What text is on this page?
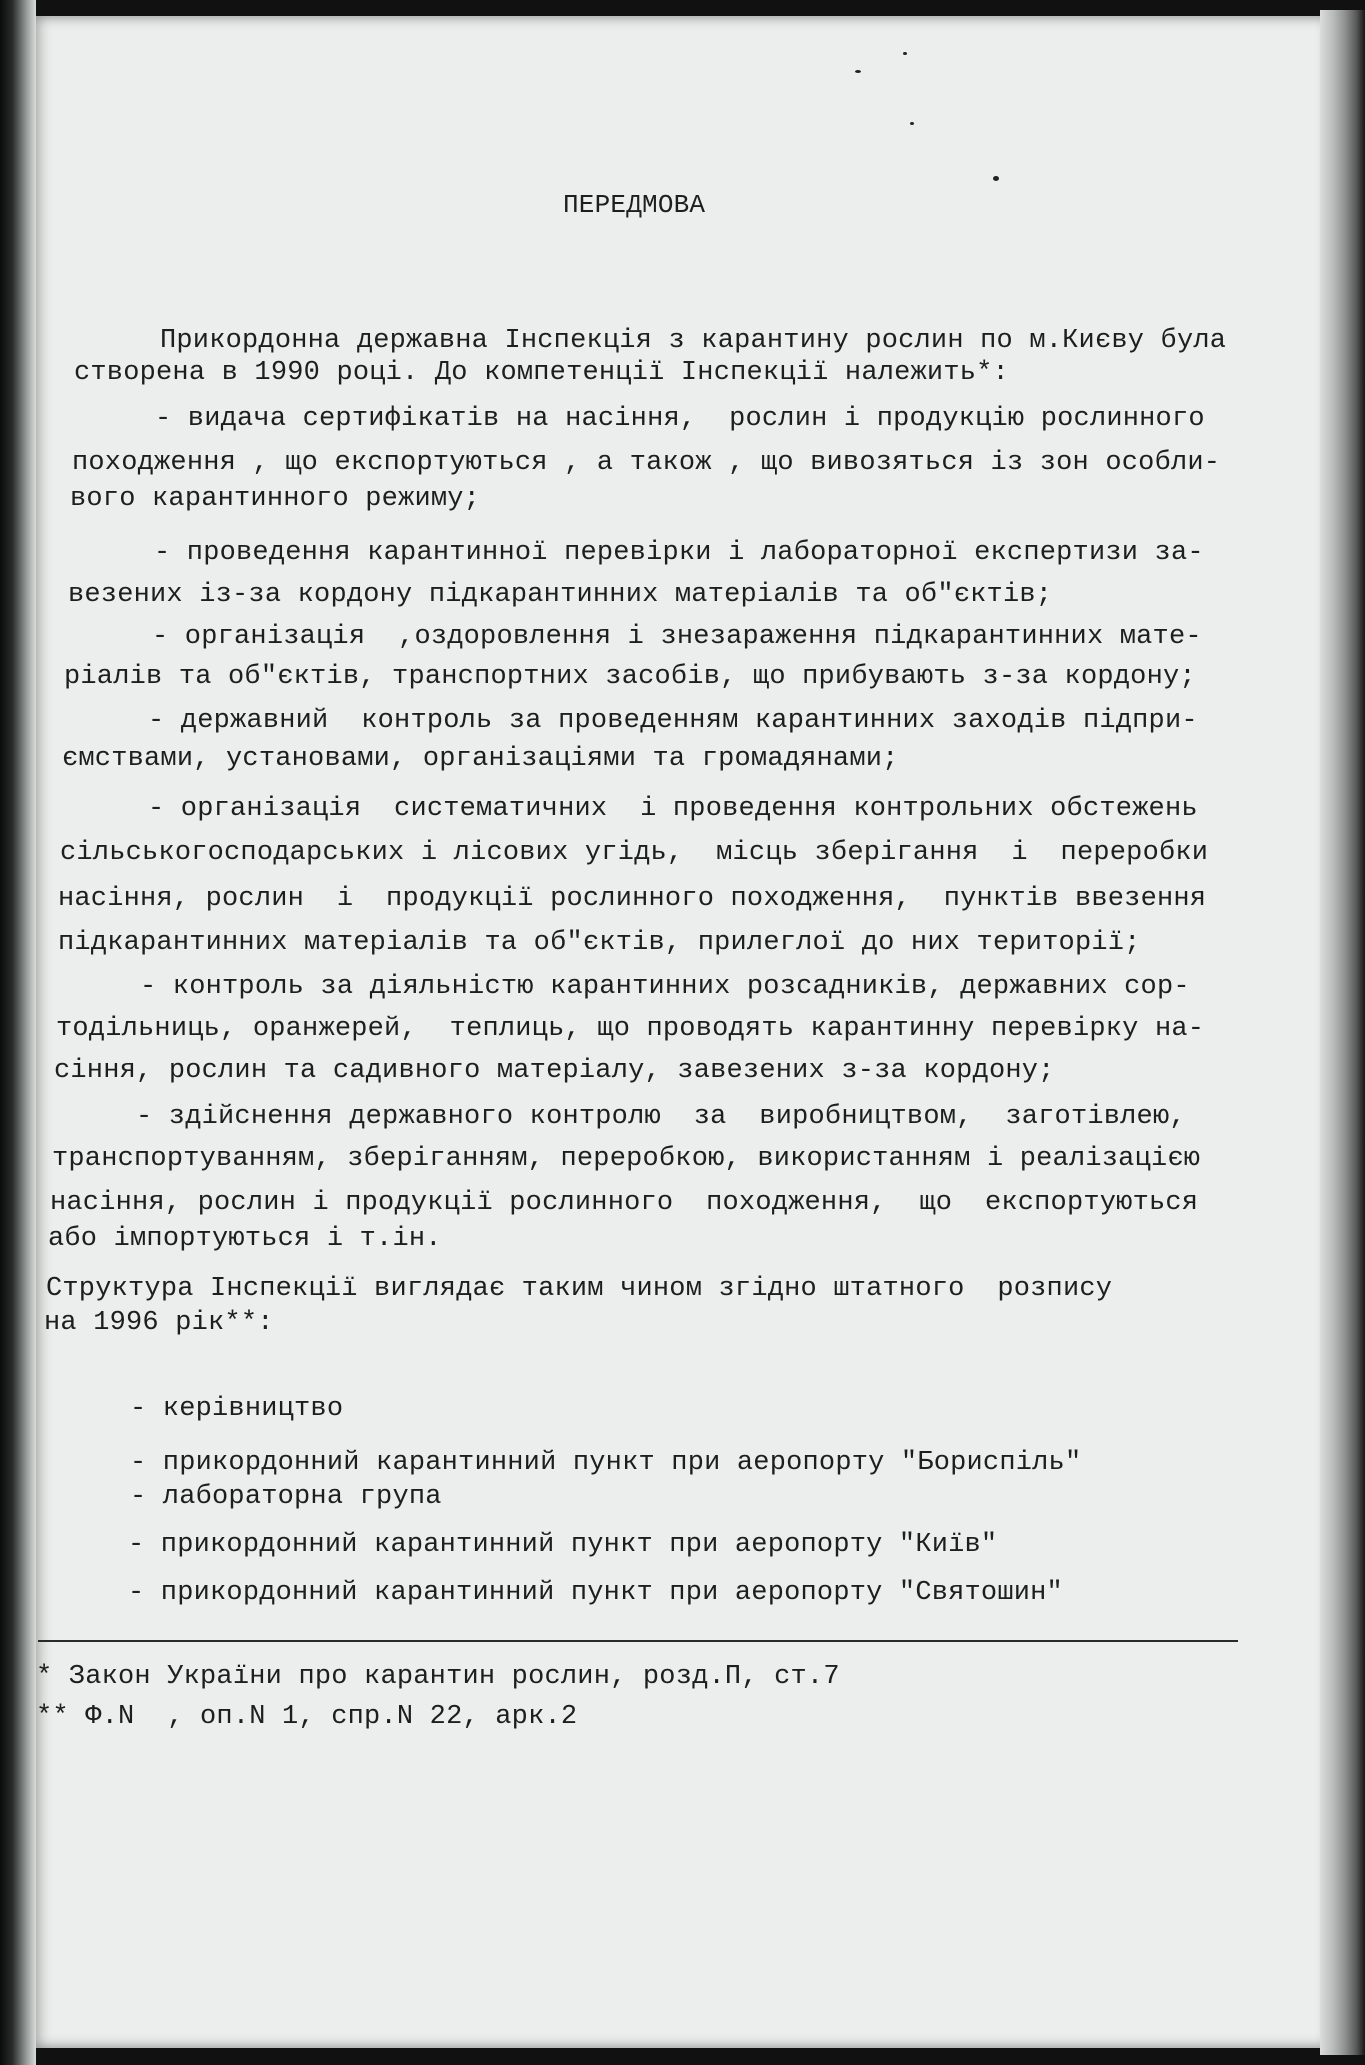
ПЕРЕДМОВА
Прикордонна державна Інспекція з карантину рослин по м.Києву була
створена в 1990 році. До компетенції Інспекції належить*:
- видача сертифікатів на насіння,  рослин і продукцію рослинного
походження , що експортуються , а також , що вивозяться із зон особли-
вого карантинного режиму;
- проведення карантинної перевірки і лабораторної експертизи за-
везених із-за кордону підкарантинних матеріалів та об"єктів;
- організація  ,оздоровлення і знезараження підкарантинних мате-
ріалів та об"єктів, транспортних засобів, що прибувають з-за кордону;
- державний  контроль за проведенням карантинних заходів підпри-
ємствами, установами, організаціями та громадянами;
- організація  систематичних  і проведення контрольних обстежень
сільськогосподарських і лісових угідь,  місць зберігання  і  переробки
насіння, рослин  і  продукції рослинного походження,  пунктів ввезення
підкарантинних матеріалів та об"єктів, прилеглої до них території;
- контроль за діяльністю карантинних розсадників, державних сор-
тодільниць, оранжерей,  теплиць, що проводять карантинну перевірку на-
сіння, рослин та садивного матеріалу, завезених з-за кордону;
- здійснення державного контролю  за  виробництвом,  заготівлею,
транспортуванням, зберіганням, переробкою, використанням і реалізацією
насіння, рослин і продукції рослинного  походження,  що  експортуються
або імпортуються і т.ін.
Структура Інспекції виглядає таким чином згідно штатного  розпису
на 1996 рік**:
- керівництво
- прикордонний карантинний пункт при аеропорту "Бориспіль"
- лабораторна група
- прикордонний карантинний пункт при аеропорту "Київ"
- прикордонний карантинний пункт при аеропорту "Святошин"
* Закон України про карантин рослин, розд.П, ст.7
** Ф.N  , оп.N 1, спр.N 22, арк.2
